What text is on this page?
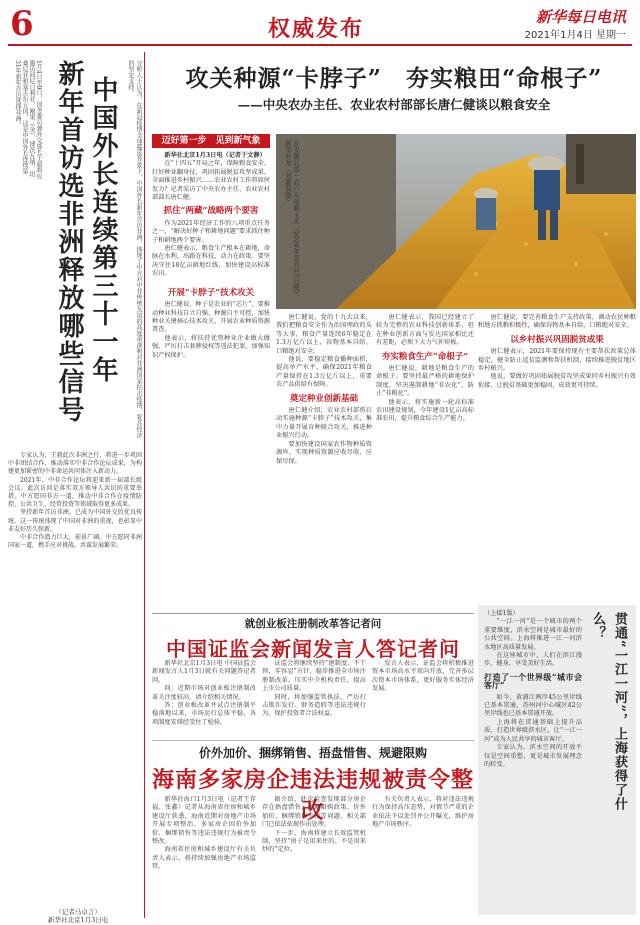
6	权威发布	新华每日电讯
2021年1月4日 星期一
1月4日至9日，国务委员兼外交部长王毅将应邀访问尼日利亚、刚果（金）、博茨瓦纳、坦桑尼亚和塞舌尔五国，这是中国外长连续第31年新年首访选择非洲。	新年首访选非洲释放哪些信号 中国外长连续第三十一年	分析人士认为，在新冠疫情全球蔓延背景下，中国外长新年首访非洲，体现了中方对中非传统友谊的高度重视和对非洲国家抗击疫情、复苏经济的坚定支持。

专家认为，王毅此次非洲之行，将进一步巩固中非团结合作，推动落实中非合作论坛成果，为构建更加紧密的中非命运共同体注入新动力。

2021年，中非合作论坛将迎来新一届部长级会议。此次访问是落实双方领导人共识的重要举措。中方愿同非方一道，推动中非合作在疫情防控、公共卫生、经贸投资等领域取得更多成果。

坚持新年首访非洲，已成为中国外交的优良传统。这一传统体现了中国对非洲的重视，也彰显中非友好历久弥新。

中非合作潜力巨大，前景广阔。中方愿同非洲国家一道，携手应对挑战，共谋发展繁荣。

（记者马卓言）
新华社北京1月3日电
攻关种源“卡脖子”　夯实粮田“命根子”
——中央农办主任、农业农村部部长唐仁健谈以粮食安全
迈好第一步　见到新气象

新华社北京1月3日电（记者于文静）

在“十四五”开局之年，保障粮食安全、打好种业翻身仗、巩固拓展脱贫攻坚成果、全面推进乡村振兴……农业农村工作将如何发力？记者采访了中央农办主任、农业农村部部长唐仁健。

抓住“两藏”战略两个要害

作为2021年经济工作的八项重点任务之一，“解决好种子和耕地问题”要求抓住种子和耕地两个要害。

唐仁健表示，粮食生产根本在耕地，命脉在水利，出路在科技，动力在政策。要坚决守住18亿亩耕地红线，加快建设高标准农田。

开展“卡脖子”技术攻关

唐仁健说，种子是农业的“芯片”，要推动种业科技自立自强、种源自主可控，加快种业关键核心技术攻关，开展农业种质资源普查。

他表示，将扶持优势种业企业做大做强，严厉打击套牌侵权等违法犯罪，加强知识产权保护。

在安徽北部一农户在晾晒玉米（2020年10月13日摄）。新华社发（刘勤利摄）

唐仁健说，党的十九大以来，我们把粮食安全作为治国理政的头等大事，粮食产量连续6年稳定在1.3万亿斤以上，谷物基本自给、口粮绝对安全。

他说，要稳定粮食播种面积，提高单产水平，确保2021年粮食产量保持在1.3万亿斤以上，重要农产品供给有保障。

奠定种业创新基础

唐仁健介绍，农业农村部将启动实施种源“卡脖子”技术攻关，集中力量开展育种联合攻关，推进种业振兴行动。

要加快建设国家农作物种质资源库，实现种质资源应收尽收、应保尽保。

唐仁健表示，我国已经建立了较为完整的农业科技创新体系，但在种业创新方面与发达国家相比还有差距，必须下大力气补短板。

夯实粮食生产“命根子”

唐仁健说，耕地是粮食生产的命根子。要坚持最严格的耕地保护制度，坚决遏制耕地“非农化”、防止“非粮化”。

他表示，将实施新一轮高标准农田建设规划，今年建设1亿亩高标准农田，提升粮食综合生产能力。

唐仁健说，要完善粮食生产支持政策，调动农民种粮和地方抓粮积极性，确保谷物基本自给、口粮绝对安全。

以乡村振兴巩固脱贫成果

唐仁健表示，2021年要保持现有主要帮扶政策总体稳定，健全防止返贫监测和帮扶机制，接续推进脱贫地区乡村振兴。

他说，要做好巩固拓展脱贫攻坚成果同乡村振兴有效衔接，让脱贫基础更加稳固、成效更可持续。

（上接1版）

“一江一河”是一个城市的两个重要维度，滨水空间是城市最好的公共空间。上海将推进一江一河滨水地区高质量发展。

在这座城市中，人们在滨江漫步、健身，享受美好生活。

打造了一个世界级“城市会客厅”

如今，黄浦江两岸45公里岸线已基本贯通，苏州河中心城区42公里岸线也已基本贯通开放。

上海将在贯通基础上提升品质，打造世界级滨水区，让“一江一河”成为人民共享的城市客厅。

专家认为，滨水空间的开放不仅是空间重塑，更是城市发展理念的转变。	贯通“一江一河”，上海获得了什么？
就创业板注册制改革答记者问
中国证监会新闻发言人答记者问

新华社北京1月3日电 中国证监会新闻发言人1月3日就有关问题答记者问。

问：近期市场对创业板注册制改革关注度较高，请介绍相关情况。

答：创业板改革并试点注册制平稳落地以来，市场运行总体平稳，各项制度安排经受住了检验。

证监会将继续坚持“建制度、不干预、零容忍”方针，稳步推进全市场注册制改革，压实中介机构责任，提高上市公司质量。

同时，将加强监管执法，严厉打击欺诈发行、财务造假等违法违规行为，保护投资者合法权益。

发言人表示，证监会将积极推进资本市场高水平双向开放，完善多层次资本市场体系，更好服务实体经济发展。

价外加价、捆绑销售、捂盘惜售、规避限购
海南多家房企违法违规被责令整改

新华社海口1月3日电（记者王存福、张鑫）记者从海南省住房和城乡建设厅获悉，海南近期对房地产市场开展专项整治，多家房企因价外加价、捆绑销售等违法违规行为被责令整改。

海南省住房和城乡建设厅有关负责人表示，将持续加强房地产市场监管。

据介绍，此次检查发现部分房企存在捂盘惜售、规避限购政策、价外加价、捆绑销售车位等问题，相关部门已依法依规作出处理。

下一步，海南将建立长效监管机制，坚持“房子是用来住的、不是用来炒的”定位。

有关负责人表示，将对违法违规行为保持高压态势，对情节严重的企业依法予以处罚并公开曝光，维护房地产市场秩序。
